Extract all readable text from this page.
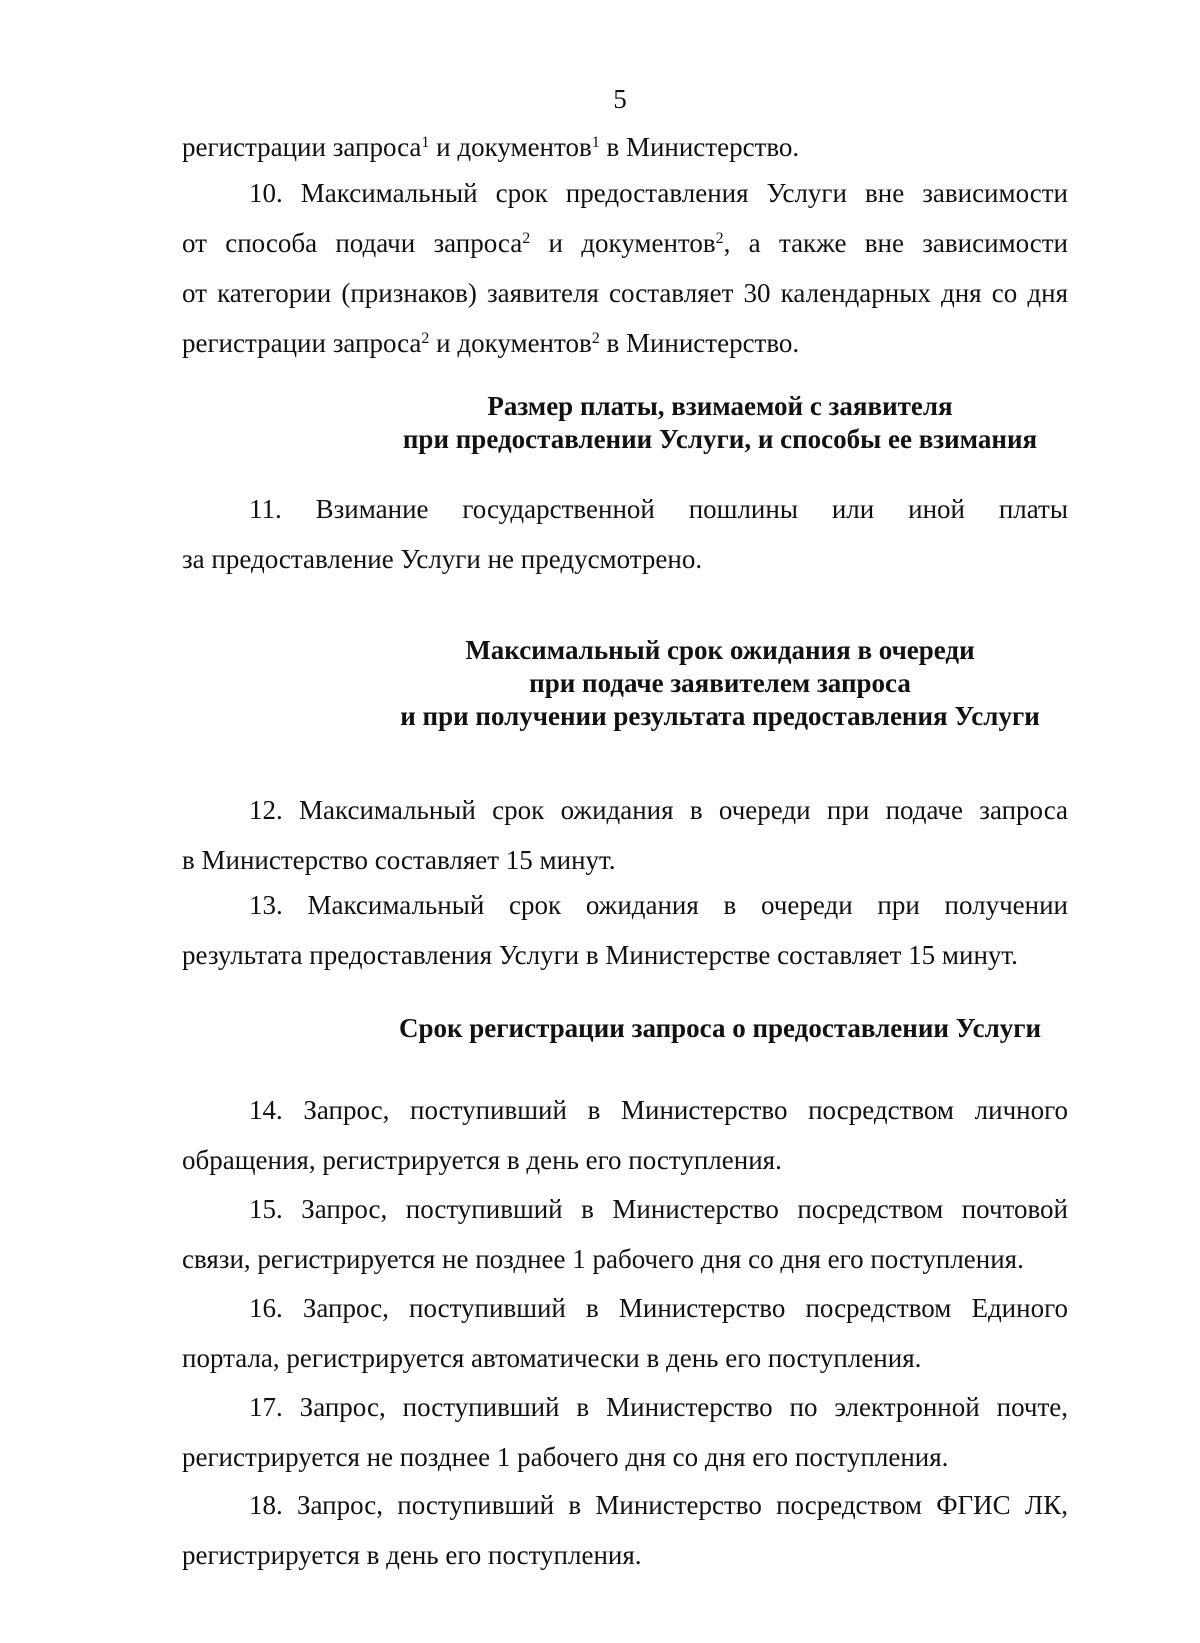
5
регистрации запроса$^1$ и документов$^1$ в Министерство.
10. Максимальный срок предоставления Услуги вне зависимости
от способа подачи запроса$^2$ и документов$^2$, а также вне зависимости
от категории (признаков) заявителя составляет 30 календарных дня со дня
регистрации запроса$^2$ и документов$^2$ в Министерство.
Размер платы, взимаемой с заявителя
при предоставлении Услуги, и способы ее взимания
11. Взимание государственной пошлины или иной платы
за предоставление Услуги не предусмотрено.
Максимальный срок ожидания в очереди
при подаче заявителем запроса
и при получении результата предоставления Услуги
12. Максимальный срок ожидания в очереди при подаче запроса
в Министерство составляет 15 минут.
13. Максимальный срок ожидания в очереди при получении
результата предоставления Услуги в Министерстве составляет 15 минут.
Срок регистрации запроса о предоставлении Услуги
14. Запрос, поступивший в Министерство посредством личного
обращения, регистрируется в день его поступления.
15. Запрос, поступивший в Министерство посредством почтовой
связи, регистрируется не позднее 1 рабочего дня со дня его поступления.
16. Запрос, поступивший в Министерство посредством Единого
портала, регистрируется автоматически в день его поступления.
17. Запрос, поступивший в Министерство по электронной почте,
регистрируется не позднее 1 рабочего дня со дня его поступления.
18. Запрос, поступивший в Министерство посредством ФГИС ЛК,
регистрируется в день его поступления.
